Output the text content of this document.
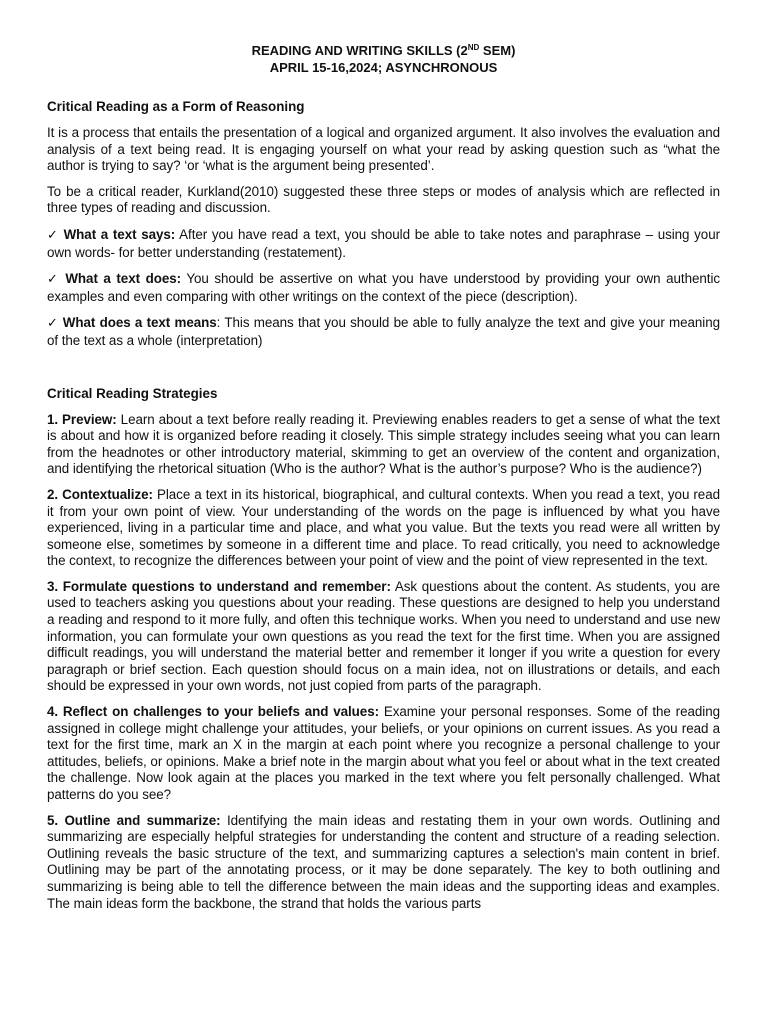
READING AND WRITING SKILLS (2ND SEM)
APRIL 15-16,2024; ASYNCHRONOUS
Critical Reading as a Form of Reasoning

It is a process that entails the presentation of a logical and organized argument. It also involves the evaluation and analysis of a text being read. It is engaging yourself on what your read by asking question such as “what the author is trying to say? ‘or ‘what is the argument being presented’.

To be a critical reader, Kurkland(2010) suggested these three steps or modes of analysis which are reflected in three types of reading and discussion.

✓ What a text says: After you have read a text, you should be able to take notes and paraphrase – using your own words- for better understanding (restatement).

✓ What a text does: You should be assertive on what you have understood by providing your own authentic examples and even comparing with other writings on the context of the piece (description).

✓ What does a text means: This means that you should be able to fully analyze the text and give your meaning of the text as a whole (interpretation)

Critical Reading Strategies

1. Preview: Learn about a text before really reading it. Previewing enables readers to get a sense of what the text is about and how it is organized before reading it closely. This simple strategy includes seeing what you can learn from the headnotes or other introductory material, skimming to get an overview of the content and organization, and identifying the rhetorical situation (Who is the author? What is the author’s purpose? Who is the audience?)

2. Contextualize: Place a text in its historical, biographical, and cultural contexts. When you read a text, you read it from your own point of view. Your understanding of the words on the page is influenced by what you have experienced, living in a particular time and place, and what you value. But the texts you read were all written by someone else, sometimes by someone in a different time and place. To read critically, you need to acknowledge the context, to recognize the differences between your point of view and the point of view represented in the text.

3. Formulate questions to understand and remember: Ask questions about the content. As students, you are used to teachers asking you questions about your reading. These questions are designed to help you understand a reading and respond to it more fully, and often this technique works. When you need to understand and use new information, you can formulate your own questions as you read the text for the first time. When you are assigned difficult readings, you will understand the material better and remember it longer if you write a question for every paragraph or brief section. Each question should focus on a main idea, not on illustrations or details, and each should be expressed in your own words, not just copied from parts of the paragraph.

4. Reflect on challenges to your beliefs and values: Examine your personal responses. Some of the reading assigned in college might challenge your attitudes, your beliefs, or your opinions on current issues. As you read a text for the first time, mark an X in the margin at each point where you recognize a personal challenge to your attitudes, beliefs, or opinions. Make a brief note in the margin about what you feel or about what in the text created the challenge. Now look again at the places you marked in the text where you felt personally challenged. What patterns do you see?

5. Outline and summarize: Identifying the main ideas and restating them in your own words. Outlining and summarizing are especially helpful strategies for understanding the content and structure of a reading selection. Outlining reveals the basic structure of the text, and summarizing captures a selection's main content in brief. Outlining may be part of the annotating process, or it may be done separately. The key to both outlining and summarizing is being able to tell the difference between the main ideas and the supporting ideas and examples. The main ideas form the backbone, the strand that holds the various parts
